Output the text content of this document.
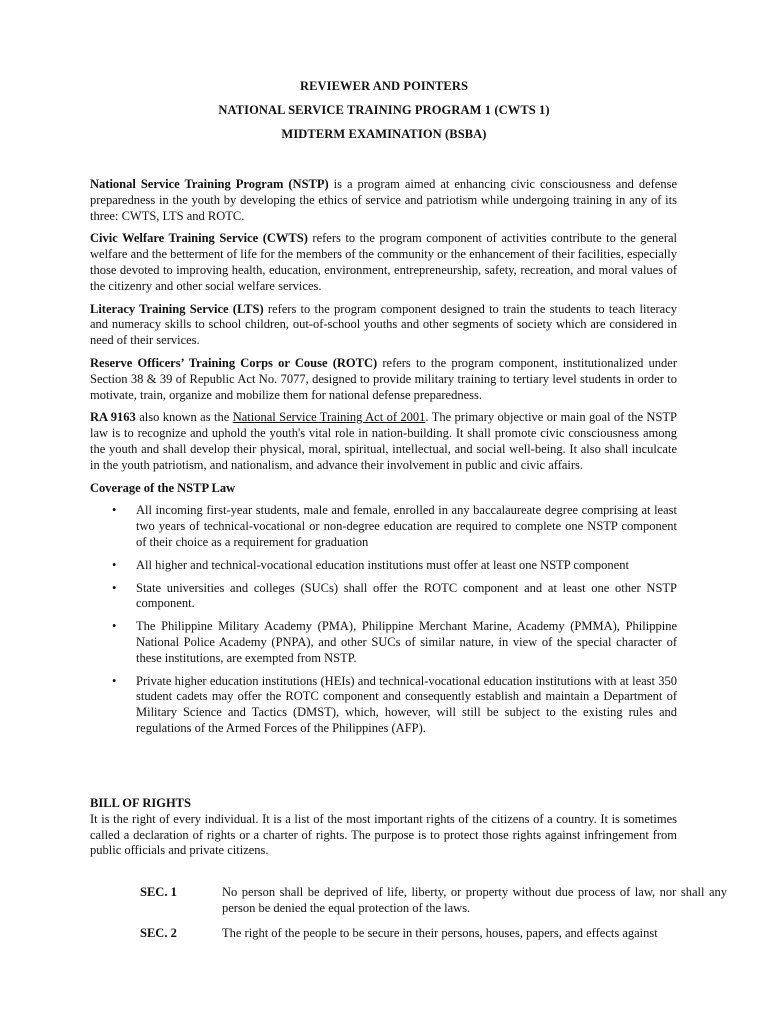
REVIEWER AND POINTERS
NATIONAL SERVICE TRAINING PROGRAM 1 (CWTS 1)
MIDTERM EXAMINATION (BSBA)

National Service Training Program (NSTP) is a program aimed at enhancing civic consciousness and defense preparedness in the youth by developing the ethics of service and patriotism while undergoing training in any of its three: CWTS, LTS and ROTC.

Civic Welfare Training Service (CWTS) refers to the program component of activities contribute to the general welfare and the betterment of life for the members of the community or the enhancement of their facilities, especially those devoted to improving health, education, environment, entrepreneurship, safety, recreation, and moral values of the citizenry and other social welfare services.

Literacy Training Service (LTS) refers to the program component designed to train the students to teach literacy and numeracy skills to school children, out-of-school youths and other segments of society which are considered in need of their services.

Reserve Officers’ Training Corps or Couse (ROTC) refers to the program component, institutionalized under Section 38 & 39 of Republic Act No. 7077, designed to provide military training to tertiary level students in order to motivate, train, organize and mobilize them for national defense preparedness.

RA 9163 also known as the National Service Training Act of 2001. The primary objective or main goal of the NSTP law is to recognize and uphold the youth's vital role in nation-building. It shall promote civic consciousness among the youth and shall develop their physical, moral, spiritual, intellectual, and social well-being. It also shall inculcate in the youth patriotism, and nationalism, and advance their involvement in public and civic affairs.

Coverage of the NSTP Law

• All incoming first-year students, male and female, enrolled in any baccalaureate degree comprising at least two years of technical-vocational or non-degree education are required to complete one NSTP component of their choice as a requirement for graduation
• All higher and technical-vocational education institutions must offer at least one NSTP component
• State universities and colleges (SUCs) shall offer the ROTC component and at least one other NSTP component.
• The Philippine Military Academy (PMA), Philippine Merchant Marine, Academy (PMMA), Philippine National Police Academy (PNPA), and other SUCs of similar nature, in view of the special character of these institutions, are exempted from NSTP.
• Private higher education institutions (HEIs) and technical-vocational education institutions with at least 350 student cadets may offer the ROTC component and consequently establish and maintain a Department of Military Science and Tactics (DMST), which, however, will still be subject to the existing rules and regulations of the Armed Forces of the Philippines (AFP).

BILL OF RIGHTS

It is the right of every individual. It is a list of the most important rights of the citizens of a country. It is sometimes called a declaration of rights or a charter of rights. The purpose is to protect those rights against infringement from public officials and private citizens.

SEC. 1	No person shall be deprived of life, liberty, or property without due process of law, nor shall any person be denied the equal protection of the laws.
SEC. 2	The right of the people to be secure in their persons, houses, papers, and effects against
